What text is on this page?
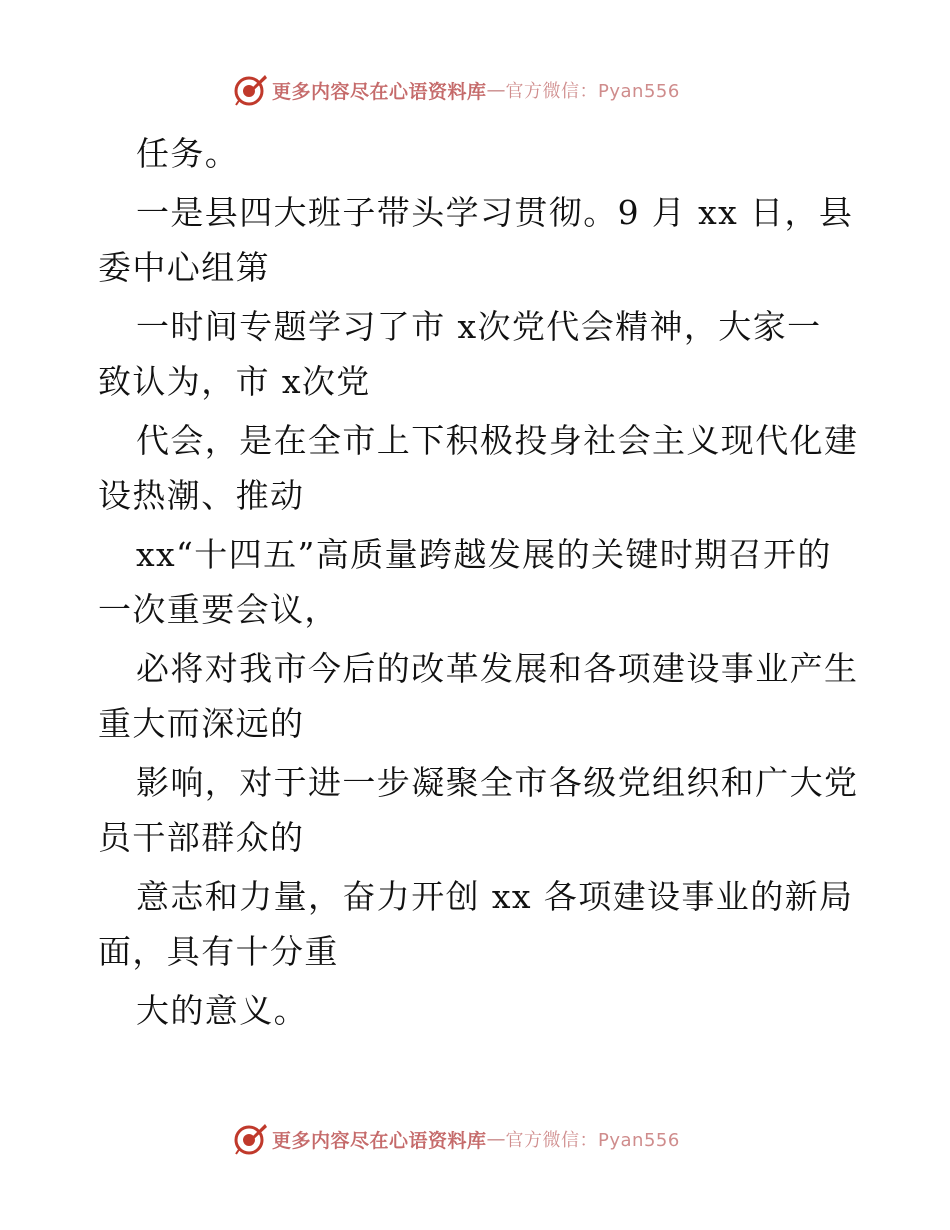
更多内容尽在心语资料库 — 官方微信：Pyan556
任务。
一是县四大班子带头学习贯彻。9 月 xx 日，县
委中心组第
一时间专题学习了市 x次党代会精神，大家一
致认为，市 x次党
代会，是在全市上下积极投身社会主义现代化建
设热潮、推动
xx“十四五”高质量跨越发展的关键时期召开的
一次重要会议，
必将对我市今后的改革发展和各项建设事业产生
重大而深远的
影响，对于进一步凝聚全市各级党组织和广大党
员干部群众的
意志和力量，奋力开创 xx 各项建设事业的新局
面，具有十分重
大的意义。
更多内容尽在心语资料库 — 官方微信：Pyan556
